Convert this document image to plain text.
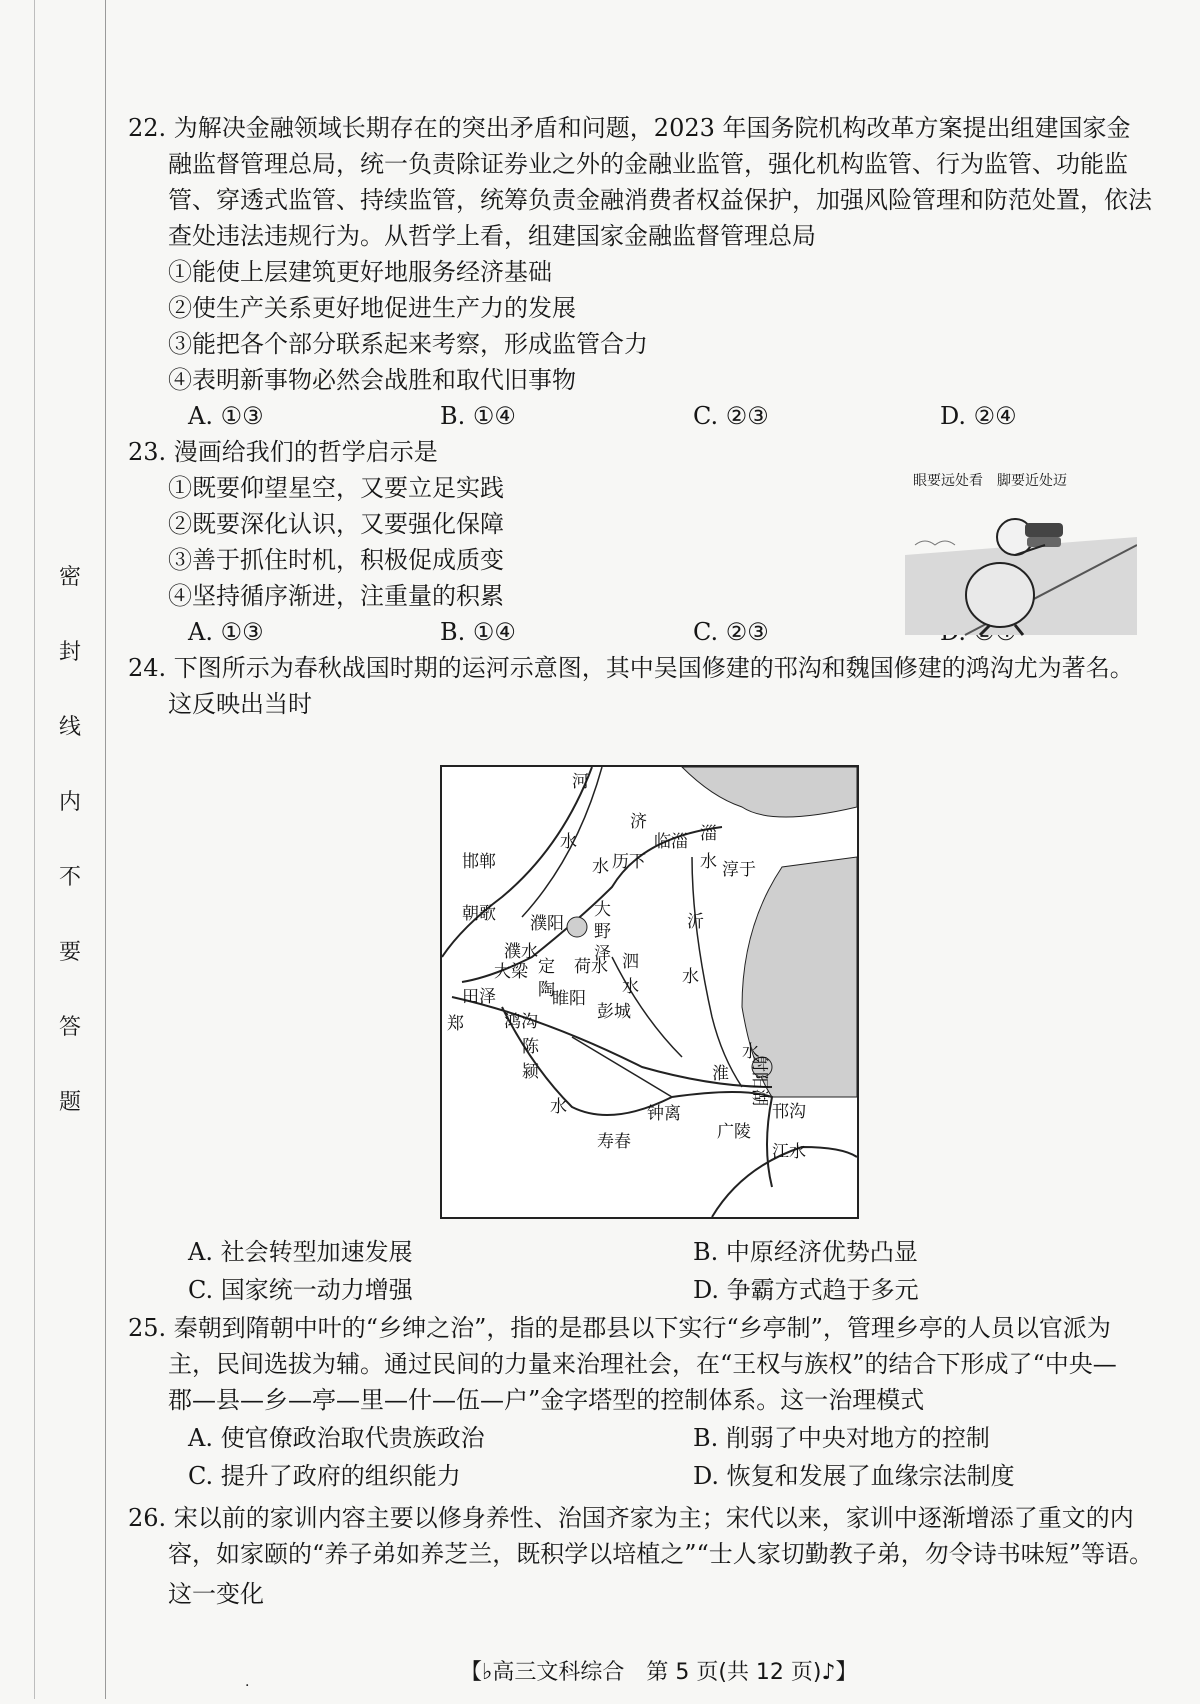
密
封
线
内
不
要
答
题
22. 为解决金融领域长期存在的突出矛盾和问题，2023 年国务院机构改革方案提出组建国家金
融监督管理总局，统一负责除证券业之外的金融业监管，强化机构监管、行为监管、功能监
管、穿透式监管、持续监管，统筹负责金融消费者权益保护，加强风险管理和防范处置，依法
查处违法违规行为。从哲学上看，组建国家金融监督管理总局
①能使上层建筑更好地服务经济基础
②使生产关系更好地促进生产力的发展
③能把各个部分联系起来考察，形成监管合力
④表明新事物必然会战胜和取代旧事物
A. ①③	B. ①④	C. ②③	D. ②④
23. 漫画给我们的哲学启示是
①既要仰望星空，又要立足实践
②既要深化认识，又要强化保障
③善于抓住时机，积极促成质变
④坚持循序渐进，注重量的积累
A. ①③	B. ①④	C. ②③
眼要远处看　脚要近处迈
24. 下图所示为春秋战国时期的运河示意图，其中吴国修建的邗沟和魏国修建的鸿沟尤为著名。
这反映出当时
河
水
济
水
临淄 淄
水
历下	淳于
邯郸
朝歌 濮阳
大
野
泽
沂
水
濮水
大梁 定
陶
荷水 泗
水
田泽	睢阳
彭城
郑 鸿沟
陈
颍
水
淮
水
射阳湖
邗沟
钟离
寿春	广陵
江水
A. 社会转型加速发展	B. 中原经济优势凸显
C. 国家统一动力增强	D. 争霸方式趋于多元
25. 秦朝到隋朝中叶的“乡绅之治”，指的是郡县以下实行“乡亭制”，管理乡亭的人员以官派为
主，民间选拔为辅。通过民间的力量来治理社会，在“王权与族权”的结合下形成了“中央—
郡—县—乡—亭—里—什—伍—户”金字塔型的控制体系。这一治理模式
A. 使官僚政治取代贵族政治	B. 削弱了中央对地方的控制
C. 提升了政府的组织能力	D. 恢复和发展了血缘宗法制度
26. 宋以前的家训内容主要以修身养性、治国齐家为主；宋代以来，家训中逐渐增添了重文的内
容，如家颐的“养子弟如养芝兰，既积学以培植之”“士人家切勤教子弟，勿令诗书味短”等语。
这一变化
·
【♭高三文科综合　第 5 页(共 12 页)♪】
